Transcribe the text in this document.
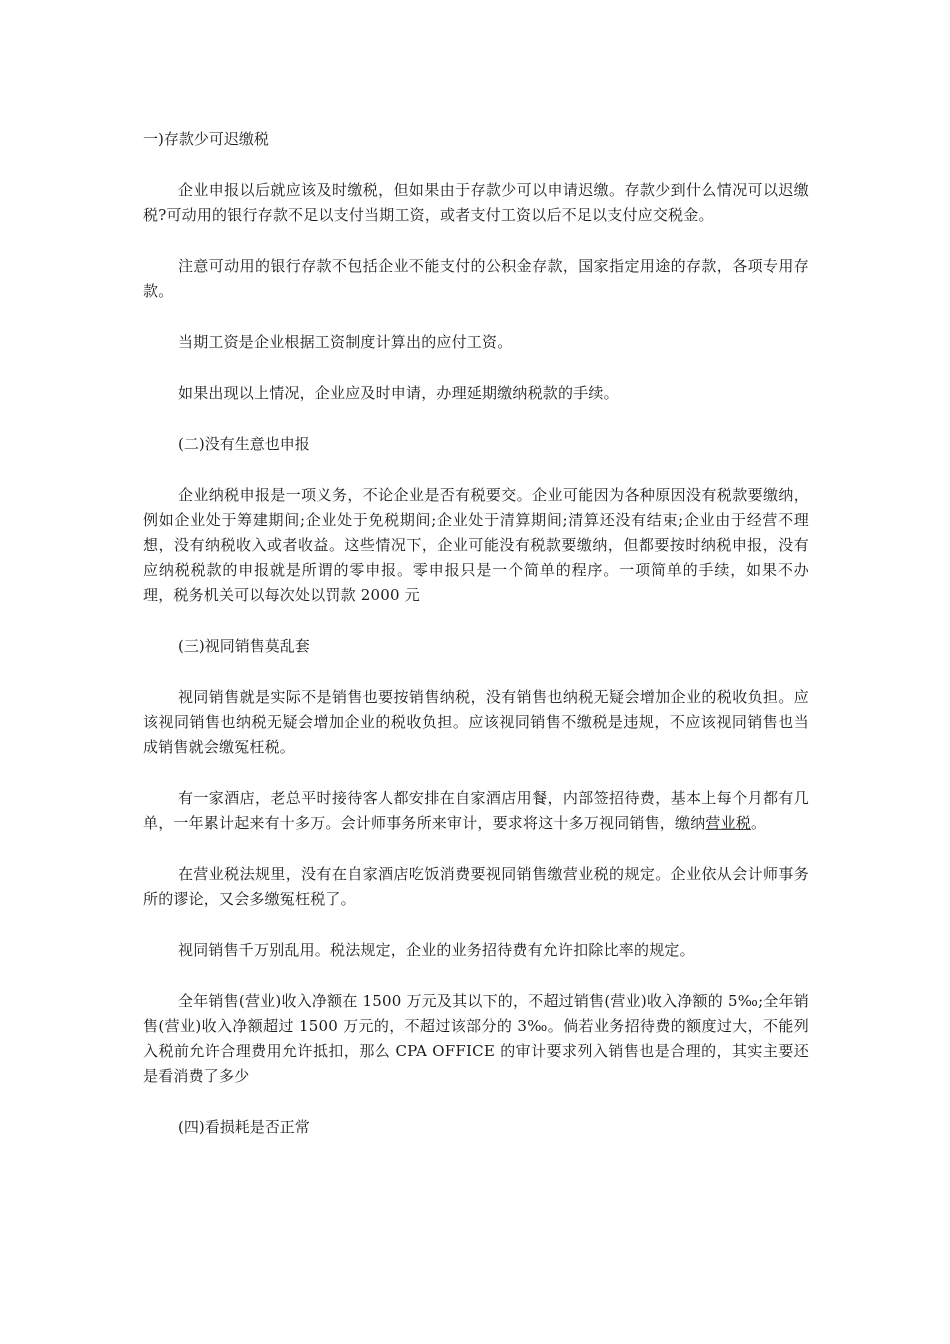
一)存款少可迟缴税

企业申报以后就应该及时缴税，但如果由于存款少可以申请迟缴。存款少到什么情况可以迟缴税?可动用的银行存款不足以支付当期工资，或者支付工资以后不足以支付应交税金。

注意可动用的银行存款不包括企业不能支付的公积金存款，国家指定用途的存款，各项专用存款。

当期工资是企业根据工资制度计算出的应付工资。

如果出现以上情况，企业应及时申请，办理延期缴纳税款的手续。

(二)没有生意也申报

企业纳税申报是一项义务，不论企业是否有税要交。企业可能因为各种原因没有税款要缴纳，例如企业处于筹建期间;企业处于免税期间;企业处于清算期间;清算还没有结束;企业由于经营不理想，没有纳税收入或者收益。这些情况下，企业可能没有税款要缴纳，但都要按时纳税申报，没有应纳税税款的申报就是所谓的零申报。零申报只是一个简单的程序。一项简单的手续，如果不办理，税务机关可以每次处以罚款 2000 元

(三)视同销售莫乱套

视同销售就是实际不是销售也要按销售纳税，没有销售也纳税无疑会增加企业的税收负担。应该视同销售也纳税无疑会增加企业的税收负担。应该视同销售不缴税是违规，不应该视同销售也当成销售就会缴冤枉税。

有一家酒店，老总平时接待客人都安排在自家酒店用餐，内部签招待费，基本上每个月都有几单，一年累计起来有十多万。会计师事务所来审计，要求将这十多万视同销售，缴纳营业税。

在营业税法规里，没有在自家酒店吃饭消费要视同销售缴营业税的规定。企业依从会计师事务所的谬论，又会多缴冤枉税了。

视同销售千万别乱用。税法规定，企业的业务招待费有允许扣除比率的规定。

全年销售(营业)收入净额在 1500 万元及其以下的，不超过销售(营业)收入净额的 5‰;全年销售(营业)收入净额超过 1500 万元的，不超过该部分的 3‰。倘若业务招待费的额度过大，不能列入税前允许合理费用允许抵扣，那么 CPA OFFICE 的审计要求列入销售也是合理的，其实主要还是看消费了多少

(四)看损耗是否正常
